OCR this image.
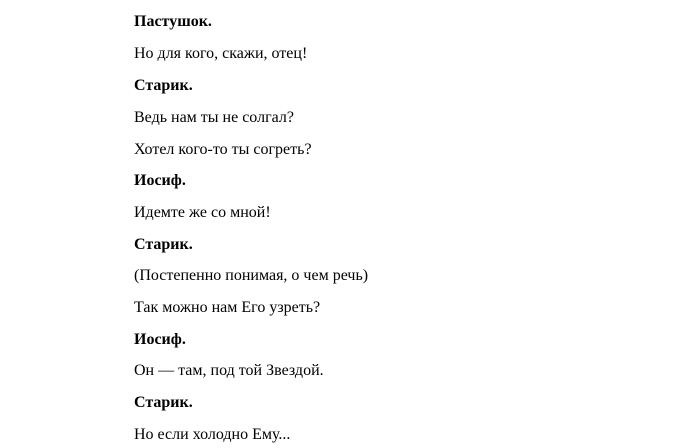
Пастушок.
Но для кого, скажи, отец!
Старик.
Ведь нам ты не солгал?
Хотел кого-то ты согреть?
Иосиф.
Идемте же со мной!
Старик.
(Постепенно понимая, о чем речь)
Так можно нам Его узреть?
Иосиф.
Он — там, под той Звездой.
Старик.
Но если холодно Ему...
